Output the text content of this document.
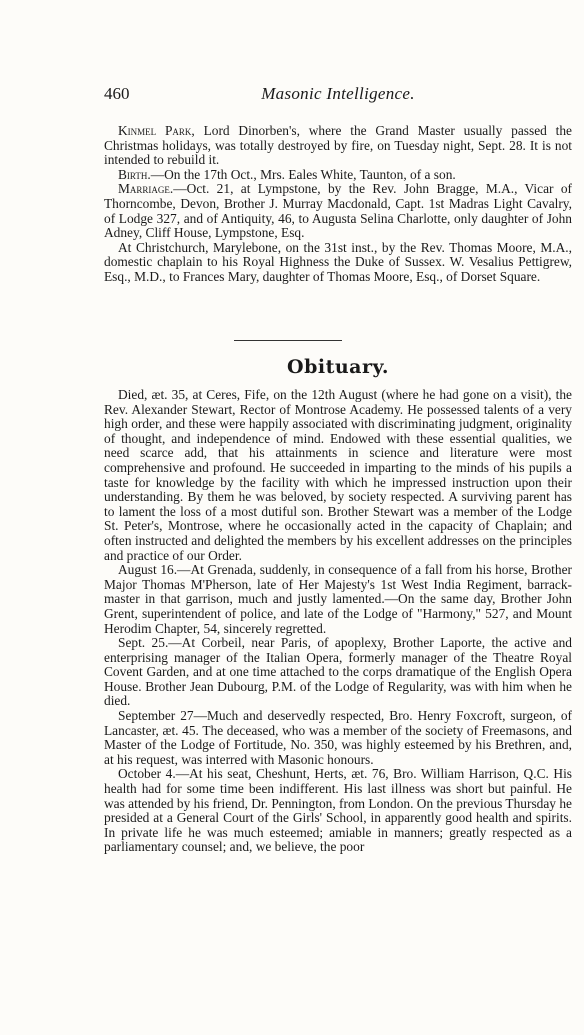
460	Masonic Intelligence.

Kinmel Park, Lord Dinorben's, where the Grand Master usually passed the Christmas holidays, was totally destroyed by fire, on Tuesday night, Sept. 28. It is not intended to rebuild it.

Birth.—On the 17th Oct., Mrs. Eales White, Taunton, of a son.

Marriage.—Oct. 21, at Lympstone, by the Rev. John Bragge, M.A., Vicar of Thorncombe, Devon, Brother J. Murray Macdonald, Capt. 1st Madras Light Cavalry, of Lodge 327, and of Antiquity, 46, to Augusta Selina Charlotte, only daughter of John Adney, Cliff House, Lympstone, Esq.

At Christchurch, Marylebone, on the 31st inst., by the Rev. Thomas Moore, M.A., domestic chaplain to his Royal Highness the Duke of Sussex. W. Vesalius Pettigrew, Esq., M.D., to Frances Mary, daughter of Thomas Moore, Esq., of Dorset Square.

Obituary.

Died, æt. 35, at Ceres, Fife, on the 12th August (where he had gone on a visit), the Rev. Alexander Stewart, Rector of Montrose Academy. He possessed talents of a very high order, and these were happily associated with discriminating judgment, originality of thought, and independence of mind. Endowed with these essential qualities, we need scarce add, that his attainments in science and literature were most comprehensive and profound. He succeeded in imparting to the minds of his pupils a taste for knowledge by the facility with which he impressed instruction upon their understanding. By them he was beloved, by society respected. A surviving parent has to lament the loss of a most dutiful son. Brother Stewart was a member of the Lodge St. Peter's, Montrose, where he occasionally acted in the capacity of Chaplain; and often instructed and delighted the members by his excellent addresses on the principles and practice of our Order.

August 16.—At Grenada, suddenly, in consequence of a fall from his horse, Brother Major Thomas M'Pherson, late of Her Majesty's 1st West India Regiment, barrack-master in that garrison, much and justly lamented.—On the same day, Brother John Grent, superintendent of police, and late of the Lodge of "Harmony," 527, and Mount Herodim Chapter, 54, sincerely regretted.

Sept. 25.—At Corbeil, near Paris, of apoplexy, Brother Laporte, the active and enterprising manager of the Italian Opera, formerly manager of the Theatre Royal Covent Garden, and at one time attached to the corps dramatique of the English Opera House. Brother Jean Dubourg, P.M. of the Lodge of Regularity, was with him when he died.

September 27—Much and deservedly respected, Bro. Henry Foxcroft, surgeon, of Lancaster, æt. 45. The deceased, who was a member of the society of Freemasons, and Master of the Lodge of Fortitude, No. 350, was highly esteemed by his Brethren, and, at his request, was interred with Masonic honours.

October 4.—At his seat, Cheshunt, Herts, æt. 76, Bro. William Harrison, Q.C. His health had for some time been indifferent. His last illness was short but painful. He was attended by his friend, Dr. Pennington, from London. On the previous Thursday he presided at a General Court of the Girls' School, in apparently good health and spirits. In private life he was much esteemed; amiable in manners; greatly respected as a parliamentary counsel; and, we believe, the poor
